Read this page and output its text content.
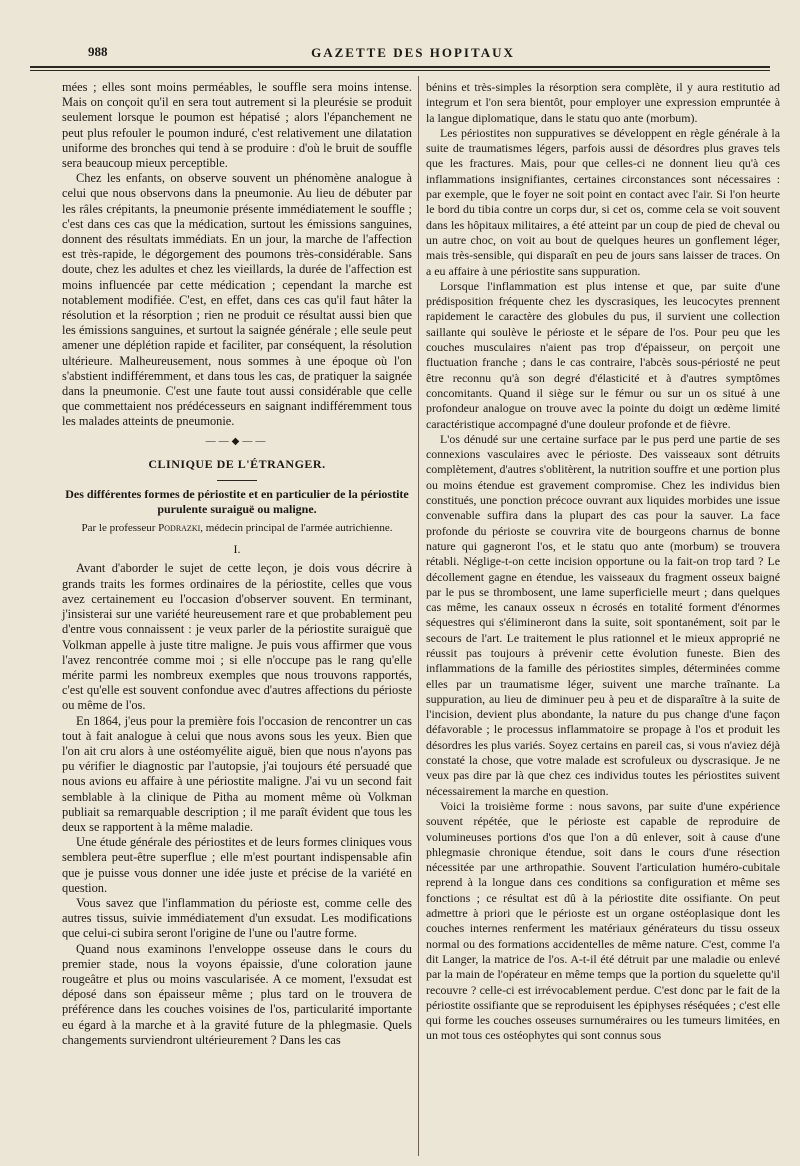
988	GAZETTE DES HOPITAUX

mées ; elles sont moins perméables, le souffle sera moins intense. Mais on conçoit qu'il en sera tout autrement si la pleurésie se produit seulement lorsque le poumon est hépatisé ; alors l'épanchement ne peut plus refouler le poumon induré, c'est relativement une dilatation uniforme des bronches qui tend à se produire : d'où le bruit de souffle sera beaucoup mieux perceptible.

Chez les enfants, on observe souvent un phénomène analogue à celui que nous observons dans la pneumonie. Au lieu de débuter par les râles crépitants, la pneumonie présente immédiatement le souffle ; c'est dans ces cas que la médication, surtout les émissions sanguines, donnent des résultats immédiats. En un jour, la marche de l'affection est très-rapide, le dégorgement des poumons très-considérable. Sans doute, chez les adultes et chez les vieillards, la durée de l'affection est moins influencée par cette médication ; cependant la marche est notablement modifiée. C'est, en effet, dans ces cas qu'il faut hâter la résolution et la résorption ; rien ne produit ce résultat aussi bien que les émissions sanguines, et surtout la saignée générale ; elle seule peut amener une déplétion rapide et faciliter, par conséquent, la résolution ultérieure. Malheureusement, nous sommes à une époque où l'on s'abstient indifféremment, et dans tous les cas, de pratiquer la saignée dans la pneumonie. C'est une faute tout aussi considérable que celle que commettaient nos prédécesseurs en saignant indifféremment tous les malades atteints de pneumonie.

——◆——
CLINIQUE DE L'ÉTRANGER.
Des différentes formes de périostite et en particulier de la périostite purulente suraiguë ou maligne.
Par le professeur Podrazki, médecin principal de l'armée autrichienne.
I.

Avant d'aborder le sujet de cette leçon, je dois vous décrire à grands traits les formes ordinaires de la périostite, celles que vous avez certainement eu l'occasion d'observer souvent. En terminant, j'insisterai sur une variété heureusement rare et que probablement peu d'entre vous connaissent : je veux parler de la périostite suraiguë que Volkman appelle à juste titre maligne. Je puis vous affirmer que vous l'avez rencontrée comme moi ; si elle n'occupe pas le rang qu'elle mérite parmi les nombreux exemples que nous trouvons rapportés, c'est qu'elle est souvent confondue avec d'autres affections du périoste ou même de l'os.

En 1864, j'eus pour la première fois l'occasion de rencontrer un cas tout à fait analogue à celui que nous avons sous les yeux. Bien que l'on ait cru alors à une ostéomyélite aiguë, bien que nous n'ayons pas pu vérifier le diagnostic par l'autopsie, j'ai toujours été persuadé que nous avions eu affaire à une périostite maligne. J'ai vu un second fait semblable à la clinique de Pitha au moment même où Volkman publiait sa remarquable description ; il me paraît évident que tous les deux se rapportent à la même maladie.

Une étude générale des périostites et de leurs formes cliniques vous semblera peut-être superflue ; elle m'est pourtant indispensable afin que je puisse vous donner une idée juste et précise de la variété en question.

Vous savez que l'inflammation du périoste est, comme celle des autres tissus, suivie immédiatement d'un exsudat. Les modifications que celui-ci subira seront l'origine de l'une ou l'autre forme.

Quand nous examinons l'enveloppe osseuse dans le cours du premier stade, nous la voyons épaissie, d'une coloration jaune rougeâtre et plus ou moins vascularisée. A ce moment, l'exsudat est déposé dans son épaisseur même ; plus tard on le trouvera de préférence dans les couches voisines de l'os, particularité importante eu égard à la marche et à la gravité future de la phlegmasie. Quels changements surviendront ultérieurement ? Dans les cas

bénins et très-simples la résorption sera complète, il y aura restitutio ad integrum et l'on sera bientôt, pour employer une expression empruntée à la langue diplomatique, dans le statu quo ante (morbum).

Les périostites non suppuratives se développent en règle générale à la suite de traumatismes légers, parfois aussi de désordres plus graves tels que les fractures. Mais, pour que celles-ci ne donnent lieu qu'à ces inflammations insignifiantes, certaines circonstances sont nécessaires : par exemple, que le foyer ne soit point en contact avec l'air. Si l'on heurte le bord du tibia contre un corps dur, si cet os, comme cela se voit souvent dans les hôpitaux militaires, a été atteint par un coup de pied de cheval ou un autre choc, on voit au bout de quelques heures un gonflement léger, mais très-sensible, qui disparaît en peu de jours sans laisser de traces. On a eu affaire à une périostite sans suppuration.

Lorsque l'inflammation est plus intense et que, par suite d'une prédisposition fréquente chez les dyscrasiques, les leucocytes prennent rapidement le caractère des globules du pus, il survient une collection saillante qui soulève le périoste et le sépare de l'os. Pour peu que les couches musculaires n'aient pas trop d'épaisseur, on perçoit une fluctuation franche ; dans le cas contraire, l'abcès sous-périosté ne peut être reconnu qu'à son degré d'élasticité et à d'autres symptômes concomitants. Quand il siège sur le fémur ou sur un os situé à une profondeur analogue on trouve avec la pointe du doigt un œdème limité caractéristique accompagné d'une douleur profonde et de fièvre.

L'os dénudé sur une certaine surface par le pus perd une partie de ses connexions vasculaires avec le périoste. Des vaisseaux sont détruits complètement, d'autres s'oblitèrent, la nutrition souffre et une portion plus ou moins étendue est gravement compromise. Chez les individus bien constitués, une ponction précoce ouvrant aux liquides morbides une issue convenable suffira dans la plupart des cas pour la sauver. La face profonde du périoste se couvrira vite de bourgeons charnus de bonne nature qui gagneront l'os, et le statu quo ante (morbum) se trouvera rétabli. Néglige-t-on cette incision opportune ou la fait-on trop tard ? Le décollement gagne en étendue, les vaisseaux du fragment osseux baigné par le pus se thrombosent, une lame superficielle meurt ; dans quelques cas même, les canaux osseux n écrosés en totalité forment d'énormes séquestres qui s'élimineront dans la suite, soit spontanément, soit par le secours de l'art. Le traitement le plus rationnel et le mieux approprié ne réussit pas toujours à prévenir cette évolution funeste. Bien des inflammations de la famille des périostites simples, déterminées comme elles par un traumatisme léger, suivent une marche traînante. La suppuration, au lieu de diminuer peu à peu et de disparaître à la suite de l'incision, devient plus abondante, la nature du pus change d'une façon défavorable ; le processus inflammatoire se propage à l'os et produit les désordres les plus variés. Soyez certains en pareil cas, si vous n'aviez déjà constaté la chose, que votre malade est scrofuleux ou dyscrasique. Je ne veux pas dire par là que chez ces individus toutes les périostites suivent nécessairement la marche en question.

Voici la troisième forme : nous savons, par suite d'une expérience souvent répétée, que le périoste est capable de reproduire de volumineuses portions d'os que l'on a dû enlever, soit à cause d'une phlegmasie chronique étendue, soit dans le cours d'une résection nécessitée par une arthropathie. Souvent l'articulation huméro-cubitale reprend à la longue dans ces conditions sa configuration et même ses fonctions ; ce résultat est dû à la périostite dite ossifiante. On peut admettre à priori que le périoste est un organe ostéoplasique dont les couches internes renferment les matériaux générateurs du tissu osseux normal ou des formations accidentelles de même nature. C'est, comme l'a dit Langer, la matrice de l'os. A-t-il été détruit par une maladie ou enlevé par la main de l'opérateur en même temps que la portion du squelette qu'il recouvre ? celle-ci est irrévocablement perdue. C'est donc par le fait de la périostite ossifiante que se reproduisent les épiphyses réséquées ; c'est elle qui forme les couches osseuses surnuméraires ou les tumeurs limitées, en un mot tous ces ostéophytes qui sont connus sous
